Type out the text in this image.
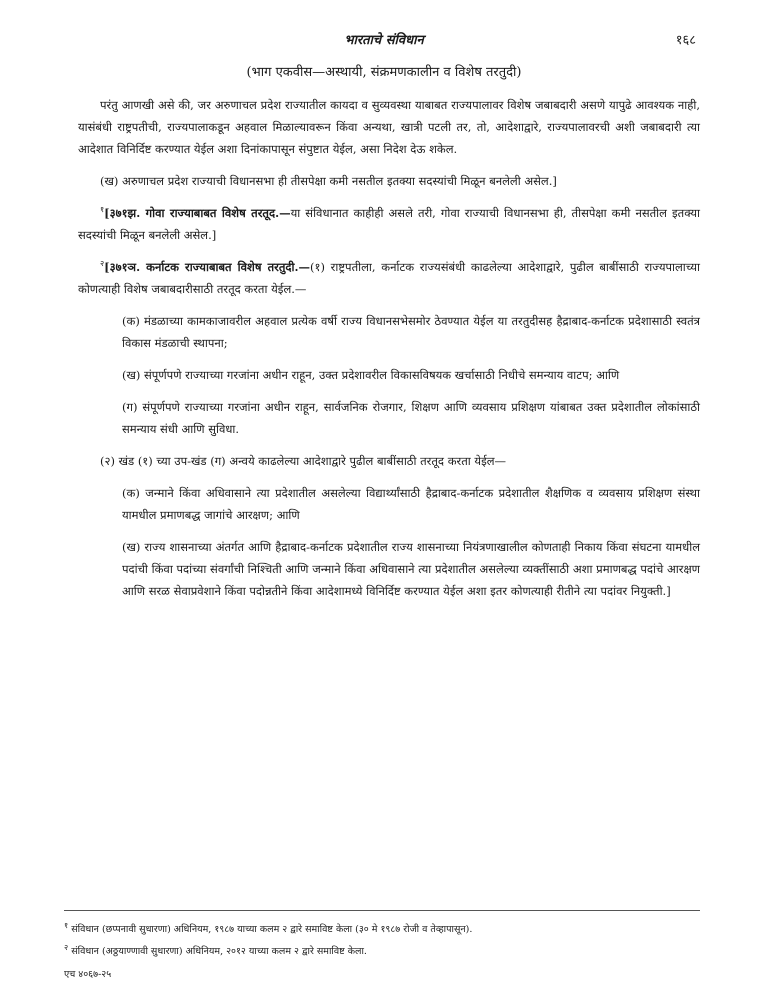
भारताचे संविधान	१६८
(भाग एकवीस—अस्थायी, संक्रमणकालीन व विशेष तरतुदी)

परंतु आणखी असे की, जर अरुणाचल प्रदेश राज्यातील कायदा व सुव्यवस्था याबाबत राज्यपालावर विशेष जबाबदारी असणे यापुढे आवश्यक नाही, यासंबंधी राष्ट्रपतीची, राज्यपालाकडून अहवाल मिळाल्यावरून किंवा अन्यथा, खात्री पटली तर, तो, आदेशाद्वारे, राज्यपालावरची अशी जबाबदारी त्या आदेशात विनिर्दिष्ट करण्यात येईल अशा दिनांकापासून संपुष्टात येईल, असा निदेश देऊ शकेल.

(ख) अरुणाचल प्रदेश राज्याची विधानसभा ही तीसपेक्षा कमी नसतील इतक्या सदस्यांची मिळून बनलेली असेल.]

$^१$[३७१झ. गोवा राज्याबाबत विशेष तरतूद.—या संविधानात काहीही असले तरी, गोवा राज्याची विधानसभा ही, तीसपेक्षा कमी नसतील इतक्या सदस्यांची मिळून बनलेली असेल.]

$^२$[३७१ञ. कर्नाटक राज्याबाबत विशेष तरतुदी.—(१) राष्ट्रपतीला, कर्नाटक राज्यसंबंधी काढलेल्या आदेशाद्वारे, पुढील बाबींसाठी राज्यपालाच्या कोणत्याही विशेष जबाबदारीसाठी तरतूद करता येईल.—

(क) मंडळाच्या कामकाजावरील अहवाल प्रत्येक वर्षी राज्य विधानसभेसमोर ठेवण्यात येईल या तरतुदीसह हैद्राबाद-कर्नाटक प्रदेशासाठी स्वतंत्र विकास मंडळाची स्थापना;

(ख) संपूर्णपणे राज्याच्या गरजांना अधीन राहून, उक्त प्रदेशावरील विकासविषयक खर्चासाठी निधीचे समन्याय वाटप; आणि

(ग) संपूर्णपणे राज्याच्या गरजांना अधीन राहून, सार्वजनिक रोजगार, शिक्षण आणि व्यवसाय प्रशिक्षण यांबाबत उक्त प्रदेशातील लोकांसाठी समन्याय संधी आणि सुविधा.

(२) खंड (१) च्या उप-खंड (ग) अन्वये काढलेल्या आदेशाद्वारे पुढील बाबींसाठी तरतूद करता येईल—

(क) जन्माने किंवा अधिवासाने त्या प्रदेशातील असलेल्या विद्यार्थ्यांसाठी हैद्राबाद-कर्नाटक प्रदेशातील शैक्षणिक व व्यवसाय प्रशिक्षण संस्था यामधील प्रमाणबद्ध जागांचे आरक्षण; आणि

(ख) राज्य शासनाच्या अंतर्गत आणि हैद्राबाद-कर्नाटक प्रदेशातील राज्य शासनाच्या नियंत्रणाखालील कोणताही निकाय किंवा संघटना यामधील पदांची किंवा पदांच्या संवर्गांची निश्चिती आणि जन्माने किंवा अधिवासाने त्या प्रदेशातील असलेल्या व्यक्तींसाठी अशा प्रमाणबद्ध पदांचे आरक्षण आणि सरळ सेवाप्रवेशाने किंवा पदोन्नतीने किंवा आदेशामध्ये विनिर्दिष्ट करण्यात येईल अशा इतर कोणत्याही रीतीने त्या पदांवर नियुक्ती.]

$^१$ संविधान (छप्पनावी सुधारणा) अधिनियम, १९८७ याच्या कलम २ द्वारे समाविष्ट केला (३० मे १९८७ रोजी व तेव्हापासून).
$^२$ संविधान (अठ्ठयाण्णावी सुधारणा) अधिनियम, २०१२ याच्या कलम २ द्वारे समाविष्ट केला.
एच ४०६७-२५
